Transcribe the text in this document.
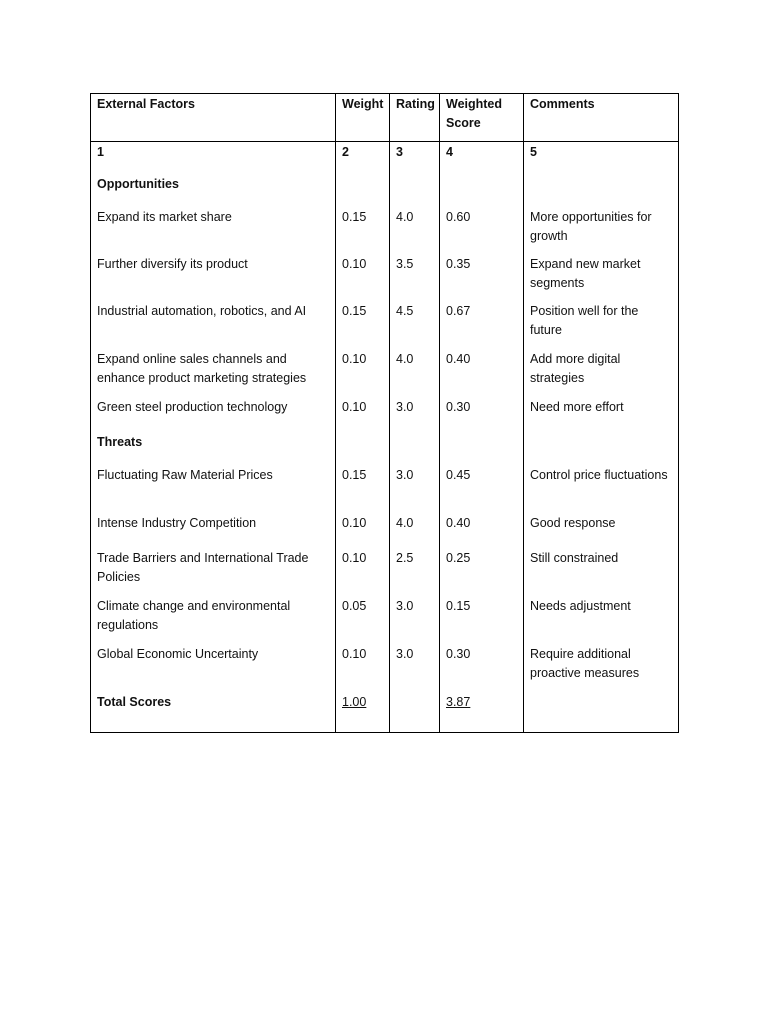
External Factors	Weight	Rating	Weighted Score	Comments
1	2	3	4	5
Opportunities				
Expand its market share	0.15	4.0	0.60	More opportunities for growth
Further diversify its product	0.10	3.5	0.35	Expand new market segments
Industrial automation, robotics, and AI	0.15	4.5	0.67	Position well for the future
Expand online sales channels and enhance product marketing strategies	0.10	4.0	0.40	Add more digital strategies
Green steel production technology	0.10	3.0	0.30	Need more effort
Threats				
Fluctuating Raw Material Prices	0.15	3.0	0.45	Control price fluctuations
Intense Industry Competition	0.10	4.0	0.40	Good response
Trade Barriers and International Trade Policies	0.10	2.5	0.25	Still constrained
Climate change and environmental regulations	0.05	3.0	0.15	Needs adjustment
Global Economic Uncertainty	0.10	3.0	0.30	Require additional proactive measures
Total Scores	1.00		3.87	
